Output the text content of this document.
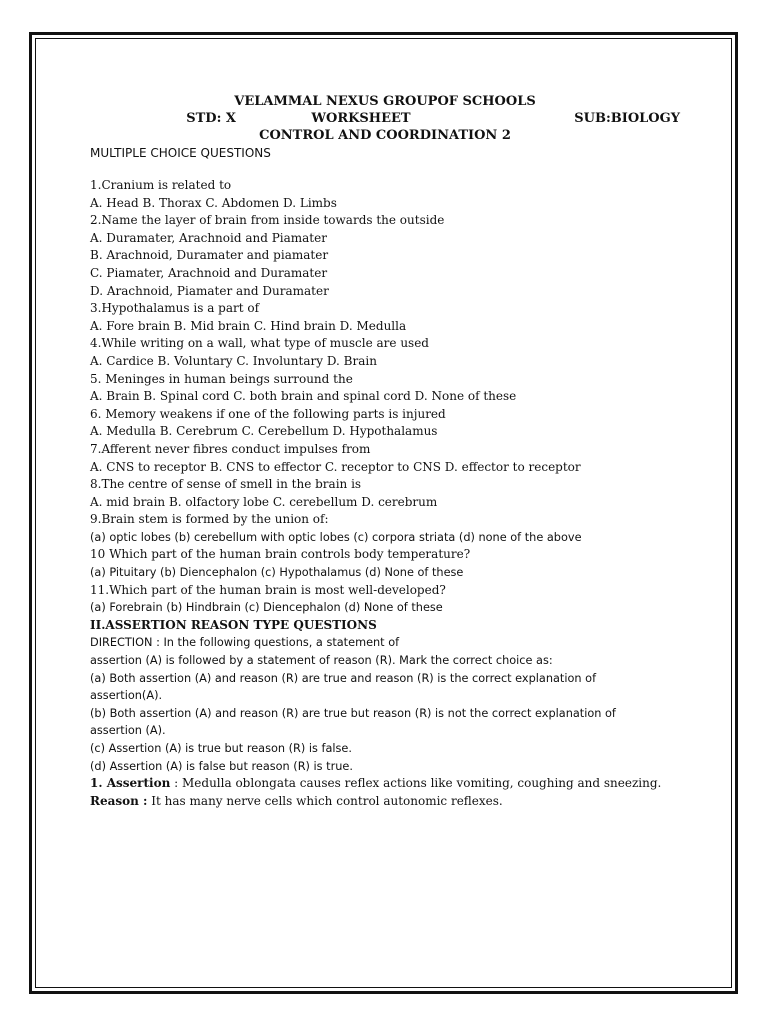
VELAMMAL NEXUS GROUPOF SCHOOLS
STD: X	WORKSHEET	SUB:BIOLOGY
CONTROL AND COORDINATION 2
MULTIPLE CHOICE QUESTIONS
1.Cranium is related to
A. Head B. Thorax C. Abdomen D. Limbs
2.Name the layer of brain from inside towards the outside
A. Duramater, Arachnoid and Piamater
B. Arachnoid, Duramater and piamater
C. Piamater, Arachnoid and Duramater
D. Arachnoid, Piamater and Duramater
3.Hypothalamus is a part of
A. Fore brain B. Mid brain C. Hind brain D. Medulla
4.While writing on a wall, what type of muscle are used
A. Cardice B. Voluntary C. Involuntary D. Brain
5. Meninges in human beings surround the
A. Brain B. Spinal cord C. both brain and spinal cord D. None of these
6. Memory weakens if one of the following parts is injured
A. Medulla B. Cerebrum C. Cerebellum D. Hypothalamus
7.Afferent never fibres conduct impulses from
A. CNS to receptor B. CNS to effector C. receptor to CNS D. effector to receptor
8.The centre of sense of smell in the brain is
A. mid brain B. olfactory lobe C. cerebellum D. cerebrum
9.Brain stem is formed by the union of:
(a) optic lobes (b) cerebellum with optic lobes (c) corpora striata (d) none of the above
10 Which part of the human brain controls body temperature?
(a) Pituitary (b) Diencephalon (c) Hypothalamus (d) None of these
11.Which part of the human brain is most well-developed?
(a) Forebrain (b) Hindbrain (c) Diencephalon (d) None of these
II.ASSERTION REASON TYPE QUESTIONS
DIRECTION : In the following questions, a statement of
assertion (A) is followed by a statement of reason (R). Mark the correct choice as:
(a) Both assertion (A) and reason (R) are true and reason (R) is the correct explanation of
assertion(A).
(b) Both assertion (A) and reason (R) are true but reason (R) is not the correct explanation of
assertion (A).
(c) Assertion (A) is true but reason (R) is false.
(d) Assertion (A) is false but reason (R) is true.
1. Assertion : Medulla oblongata causes reflex actions like vomiting, coughing and sneezing.
Reason : It has many nerve cells which control autonomic reflexes.
